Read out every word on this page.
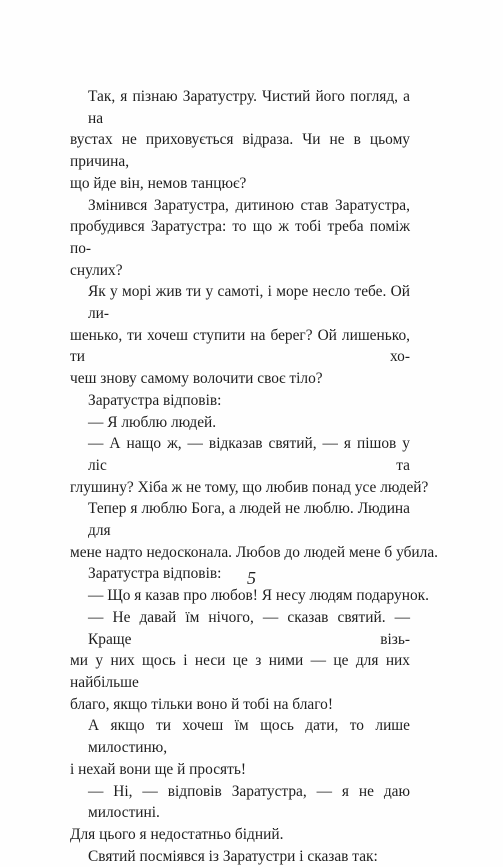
Так, я пізнаю Заратустру. Чистий його погляд, а на
вустах не приховується відраза. Чи не в цьому причина,
що йде він, немов танцює?
Змінився Заратустра, дитиною став Заратустра,
пробудився Заратустра: то що ж тобі треба поміж по-
снулих?
Як у морі жив ти у самоті, і море несло тебе. Ой ли-
шенько, ти хочеш ступити на берег? Ой лишенько, ти хо-
чеш знову самому волочити своє тіло?
Заратустра відповів:
— Я люблю людей.
— А нащо ж, — відказав святий, — я пішов у ліс та
глушину? Хіба ж не тому, що любив понад усе людей?
Тепер я люблю Бога, а людей не люблю. Людина для
мене надто недосконала. Любов до людей мене б убила.
Заратустра відповів:
— Що я казав про любов! Я несу людям подарунок.
— Не давай їм нічого, — сказав святий. — Краще візь-
ми у них щось і неси це з ними — це для них найбільше
благо, якщо тільки воно й тобі на благо!
А якщо ти хочеш їм щось дати, то лише милостиню,
і нехай вони ще й просять!
— Ні, — відповів Заратустра, — я не даю милостині.
Для цього я недостатньо бідний.
Святий посміявся із Заратустри і сказав так:
5
